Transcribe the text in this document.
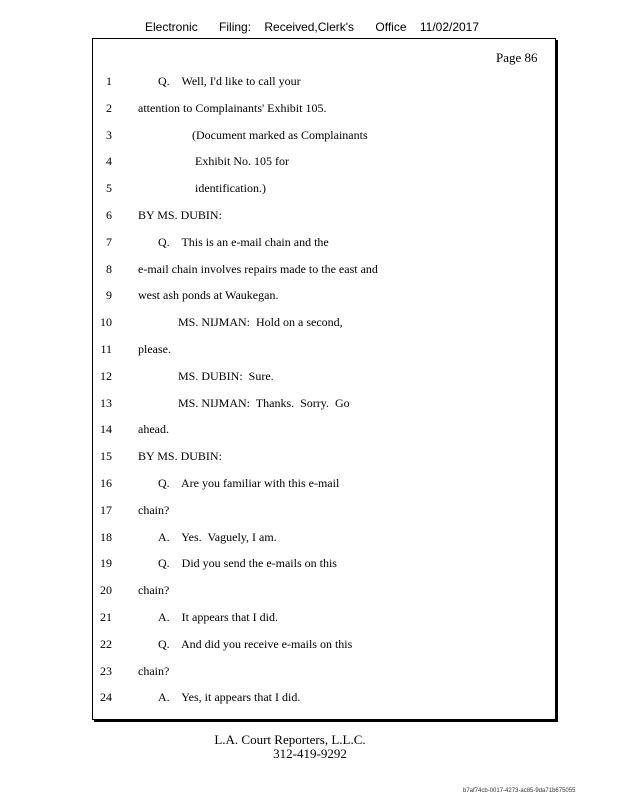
Electronic Filing: Received,Clerk's Office 11/02/2017
Page 86
1	Q.    Well, I'd like to call your
2 attention to Complainants' Exhibit 105.
3	(Document marked as Complainants
4	Exhibit No. 105 for
5	identification.)
6 BY MS. DUBIN:
7	Q.    This is an e-mail chain and the
8 e-mail chain involves repairs made to the east and
9 west ash ponds at Waukegan.
10	MS. NIJMAN:  Hold on a second,
11 please.
12	MS. DUBIN:  Sure.
13	MS. NIJMAN:  Thanks.  Sorry.  Go
14 ahead.
15 BY MS. DUBIN:
16	Q.    Are you familiar with this e-mail
17 chain?
18	A.    Yes.  Vaguely, I am.
19	Q.    Did you send the e-mails on this
20 chain?
21	A.    It appears that I did.
22	Q.    And did you receive e-mails on this
23 chain?
24	A.    Yes, it appears that I did.
L.A. Court Reporters, L.L.C.
312-419-9292
b7af74cb-0017-4273-ac85-9da71b675055
